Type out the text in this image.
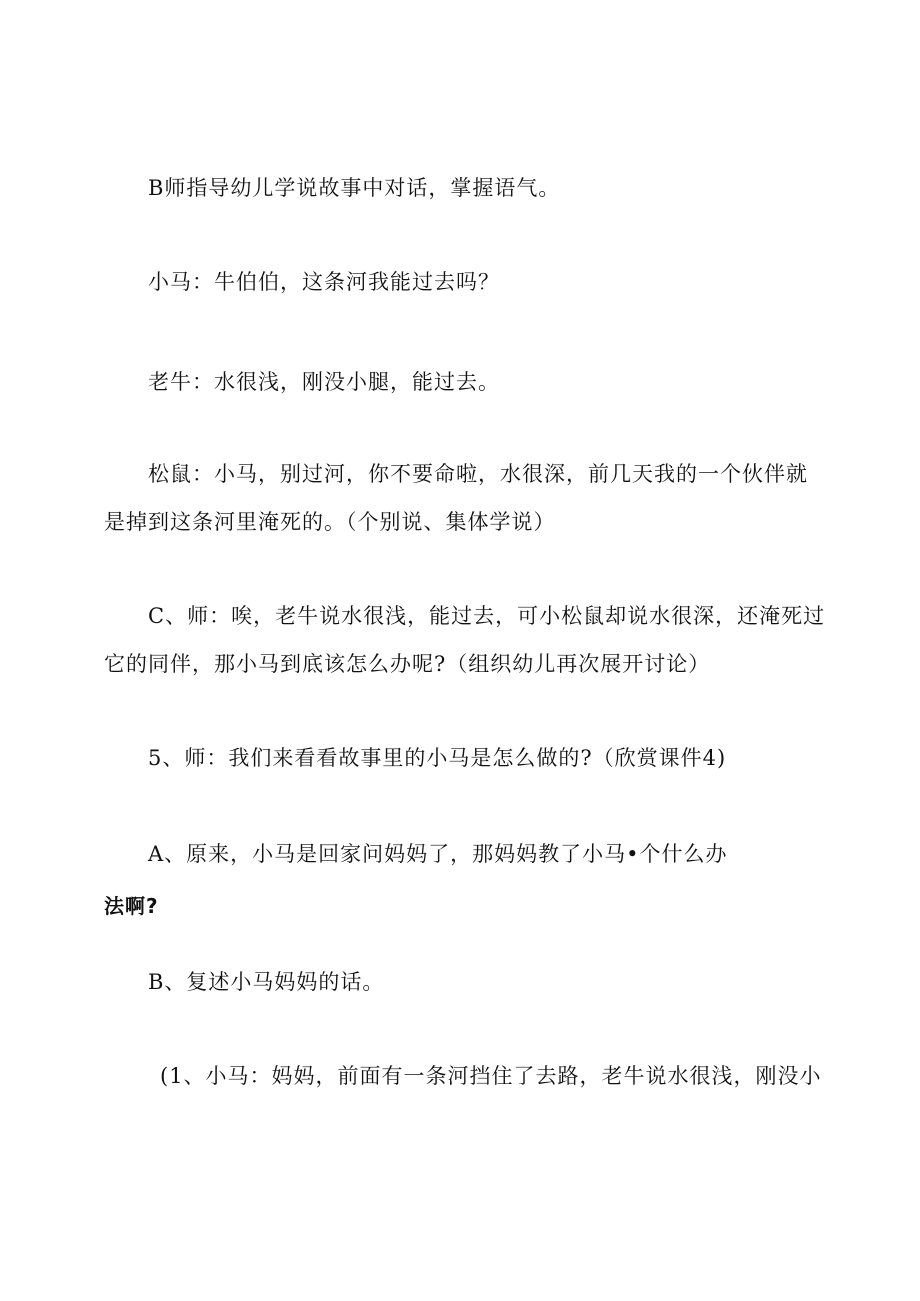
B师指导幼儿学说故事中对话，掌握语气。

小马：牛伯伯，这条河我能过去吗？

老牛：水很浅，刚没小腿，能过去。

松鼠：小马，别过河，你不要命啦，水很深，前几天我的一个伙伴就

是掉到这条河里淹死的。（个别说、集体学说）

C、师：唉，老牛说水很浅，能过去，可小松鼠却说水很深，还淹死过

它的同伴，那小马到底该怎么办呢?（组织幼儿再次展开讨论）

5、师：我们来看看故事里的小马是怎么做的?（欣赏课件4)

A、原来，小马是回家问妈妈了，那妈妈教了小马•个什么办

法啊?

B、复述小马妈妈的话。

(1、小马：妈妈，前面有一条河挡住了去路，老牛说水很浅，刚没小
